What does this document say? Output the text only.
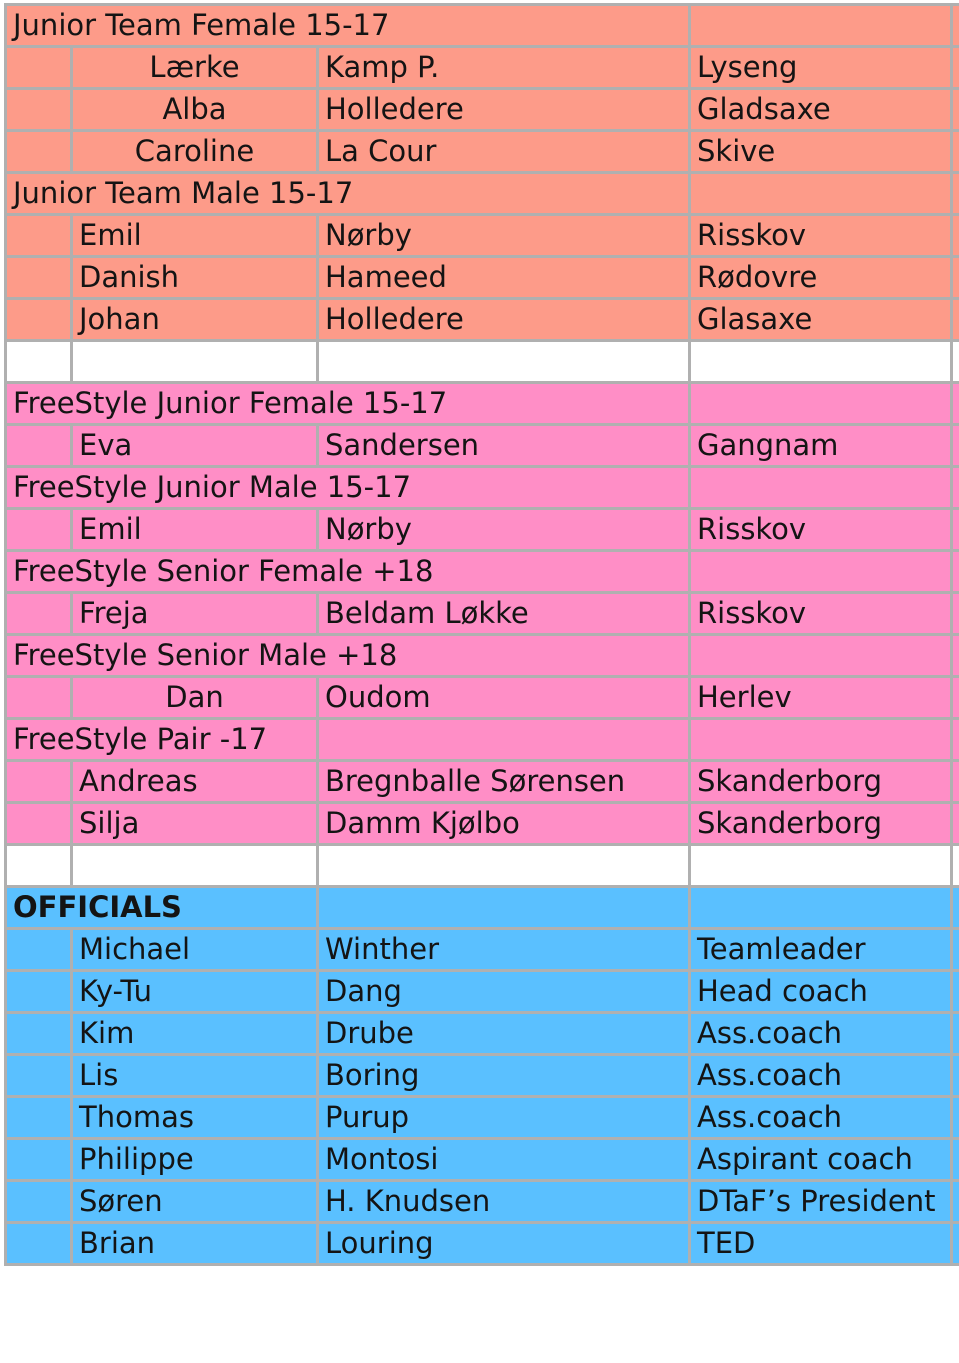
Junior Team Female 15-17				
	Lærke	Kamp P.	Lyseng	
	Alba	Holledere	Gladsaxe	
	Caroline	La Cour	Skive	
Junior Team Male 15-17				
	Emil	Nørby	Risskov	
	Danish	Hameed	Rødovre	
	Johan	Holledere	Glasaxe	

FreeStyle Junior Female 15-17				
	Eva	Sandersen	Gangnam	
FreeStyle Junior Male 15-17				
	Emil	Nørby	Risskov	
FreeStyle Senior Female +18				
	Freja	Beldam Løkke	Risskov	
FreeStyle Senior Male +18				
	Dan	Oudom	Herlev	
FreeStyle Pair -17				
	Andreas	Bregnballe Sørensen	Skanderborg	
	Silja	Damm Kjølbo	Skanderborg	

OFFICIALS				
	Michael	Winther	Teamleader	
	Ky-Tu	Dang	Head coach	
	Kim	Drube	Ass.coach	
	Lis	Boring	Ass.coach	
	Thomas	Purup	Ass.coach	
	Philippe	Montosi	Aspirant coach	
	Søren	H. Knudsen	DTaF’s President	
	Brian	Louring	TED	
